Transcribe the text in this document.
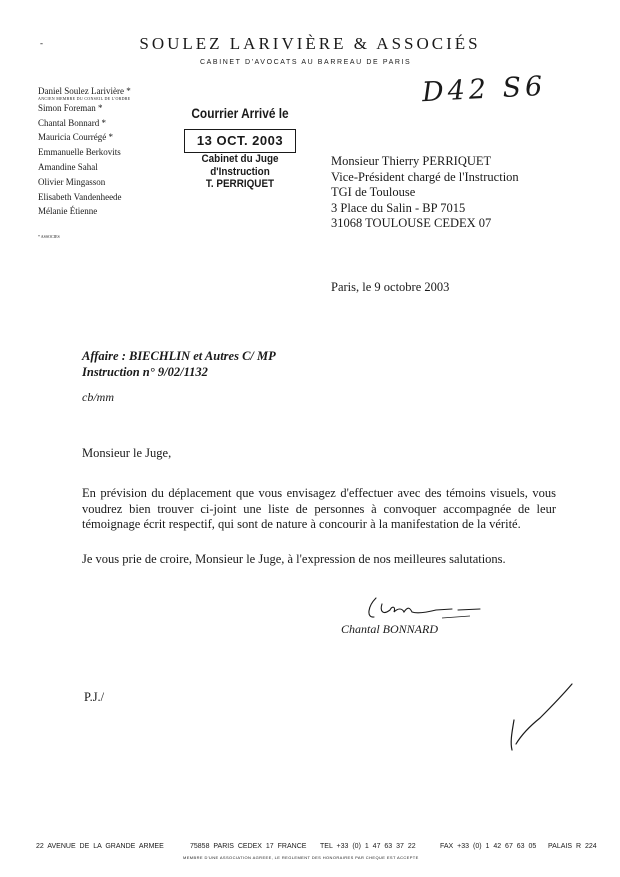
-	SOULEZ LARIVIÈRE & ASSOCIÉS
CABINET D'AVOCATS AU BARREAU DE PARIS
Daniel Soulez Larivière *
ANCIEN MEMBRE DU CONSEIL DE L'ORDRE
Simon Foreman *
Chantal Bonnard *
Mauricia Courrégé *
Emmanuelle Berkovits
Amandine Sahal
Olivier Mingasson
Elisabeth Vandenheede
Mélanie Étienne
* ASSOCIES
Courrier Arrivé le
13 OCT. 2003
Cabinet du Juge d'Instruction
T. PERRIQUET
D42 S6
Monsieur Thierry PERRIQUET
Vice-Président chargé de l'Instruction
TGI de Toulouse
3 Place du Salin - BP 7015
31068 TOULOUSE CEDEX 07
Paris, le 9 octobre 2003
Affaire : BIECHLIN et Autres C/ MP
Instruction n° 9/02/1132
cb/mm
Monsieur le Juge,
En prévision du déplacement que vous envisagez d'effectuer avec des témoins visuels, vous voudrez bien trouver ci-joint une liste de personnes à convoquer accompagnée de leur témoignage écrit respectif, qui sont de nature à concourir à la manifestation de la vérité.
Je vous prie de croire, Monsieur le Juge, à l'expression de nos meilleures salutations.
Chantal BONNARD
P.J./
22 AVENUE DE LA GRANDE ARMEE	75858 PARIS CEDEX 17 FRANCE TEL +33 (0) 1 47 63 37 22	FAX +33 (0) 1 42 67 63 05 PALAIS R 224
MEMBRE D'UNE ASSOCIATION AGREEE, LE REGLEMENT DES HONORAIRES PAR CHEQUE EST ACCEPTE
